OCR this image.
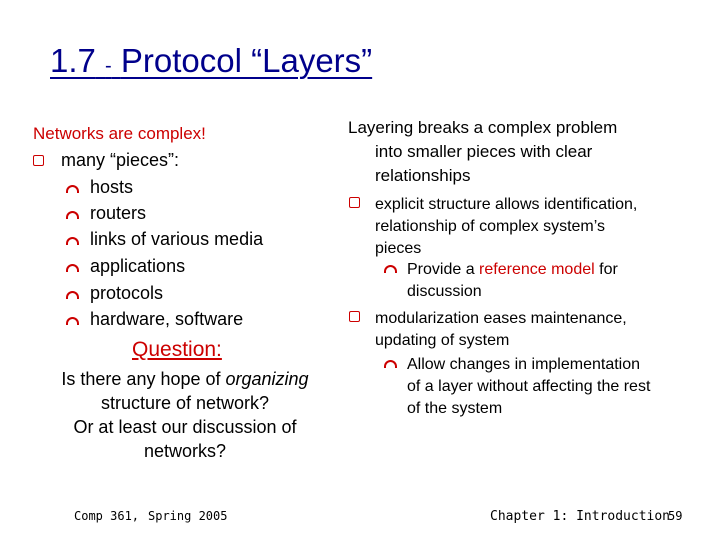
1.7 - Protocol “Layers”
Networks are complex!
many “pieces”:
hosts
routers
links of various media
applications
protocols
hardware, software
Question:
Is there any hope of organizing
structure of network?
Or at least our discussion of
networks?
Layering breaks a complex problem
into smaller pieces with clear
relationships
explicit structure allows identification,
relationship of complex system’s
pieces
Provide a reference model for
discussion
modularization eases maintenance,
updating of system
Allow changes in implementation
of a layer without affecting the rest
of the system
Comp 361, Spring 2005	Chapter 1: Introduction
59
